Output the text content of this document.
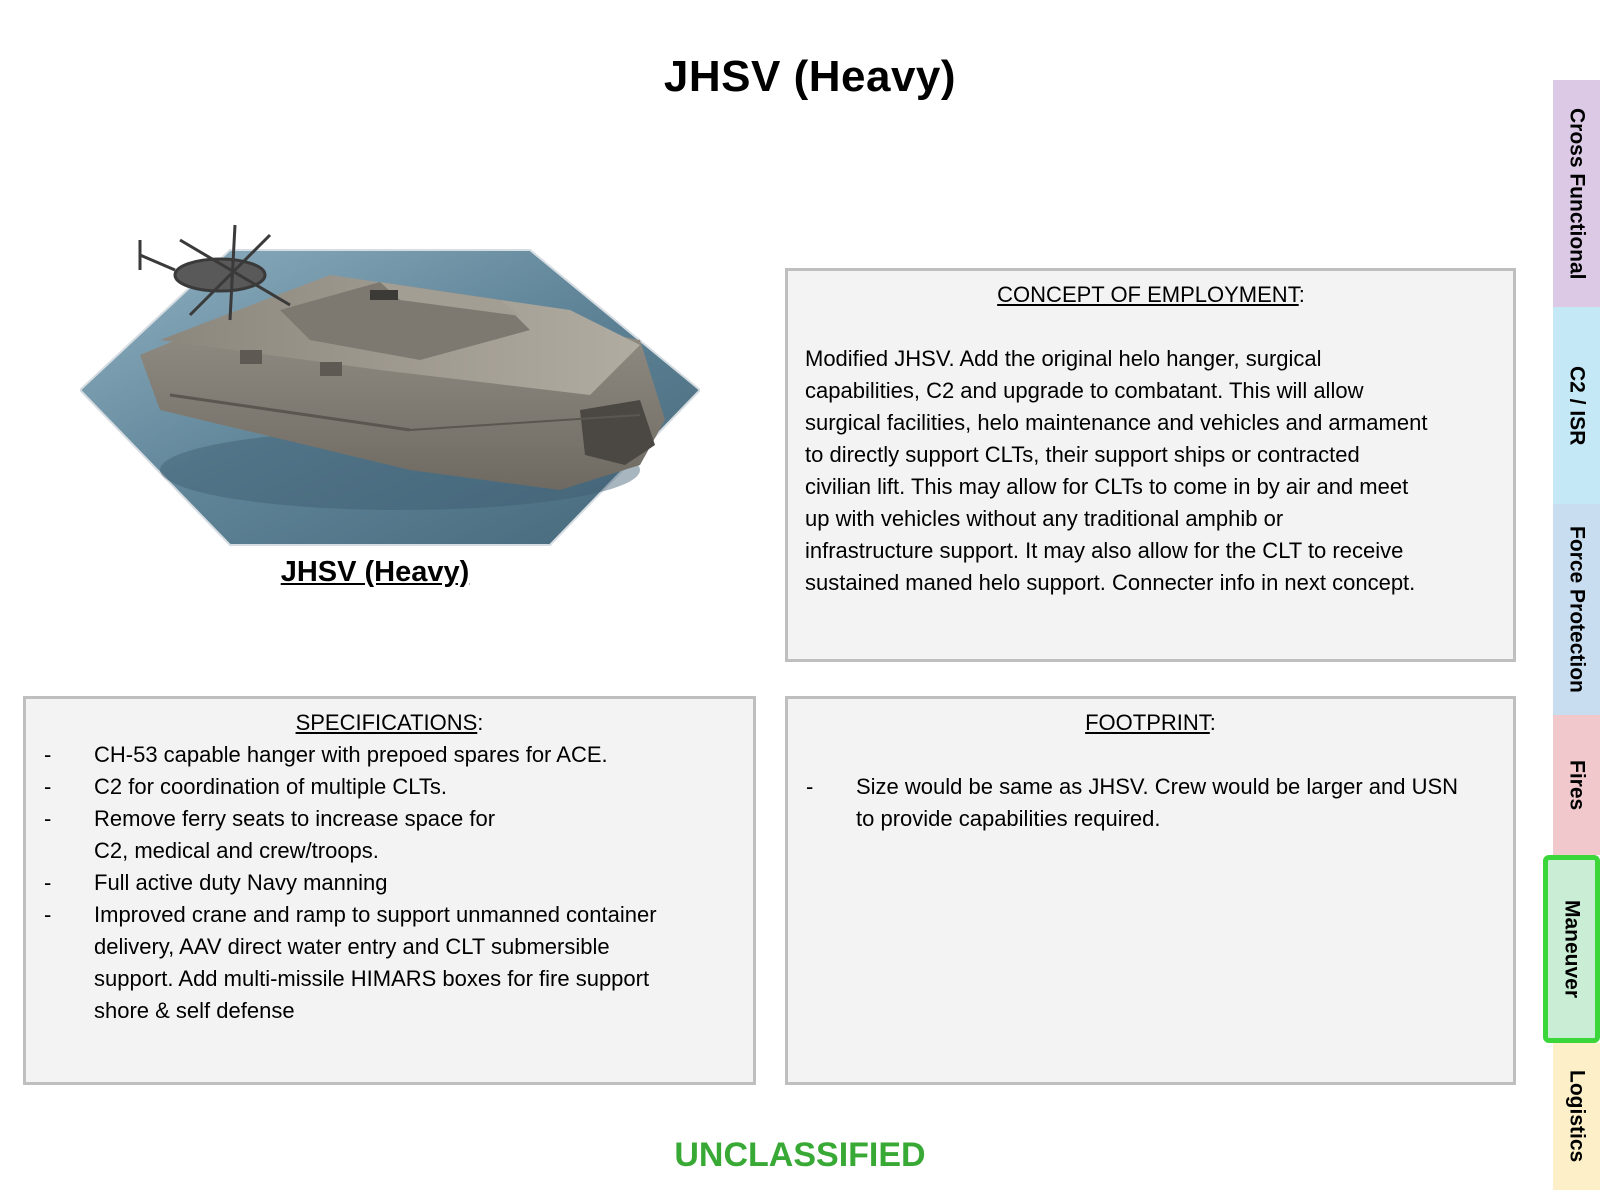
JHSV (Heavy)
JHSV (Heavy)
CONCEPT OF EMPLOYMENT:
Modified JHSV. Add the original helo hanger, surgical
capabilities, C2 and upgrade to combatant. This will allow
surgical facilities, helo maintenance and vehicles and armament
to directly support CLTs, their support ships or contracted
civilian lift. This may allow for CLTs to come in by air and meet
up with vehicles without any traditional amphib or
infrastructure support. It may also allow for the CLT to receive
sustained maned helo support. Connecter info in next concept.
SPECIFICATIONS:
- CH-53 capable hanger with prepoed spares for ACE.
- C2 for coordination of multiple CLTs.
- Remove ferry seats to increase space for
C2, medical and crew/troops.
- Full active duty Navy manning
- Improved crane and ramp to support unmanned container
delivery, AAV direct water entry and CLT submersible
support. Add multi-missile HIMARS boxes for fire support
shore & self defense
FOOTPRINT:
- Size would be same as JHSV. Crew would be larger and USN
to provide capabilities required.
UNCLASSIFIED
Cross Functional
C2 / ISR
Force Protection
Fires
Maneuver
Logistics
